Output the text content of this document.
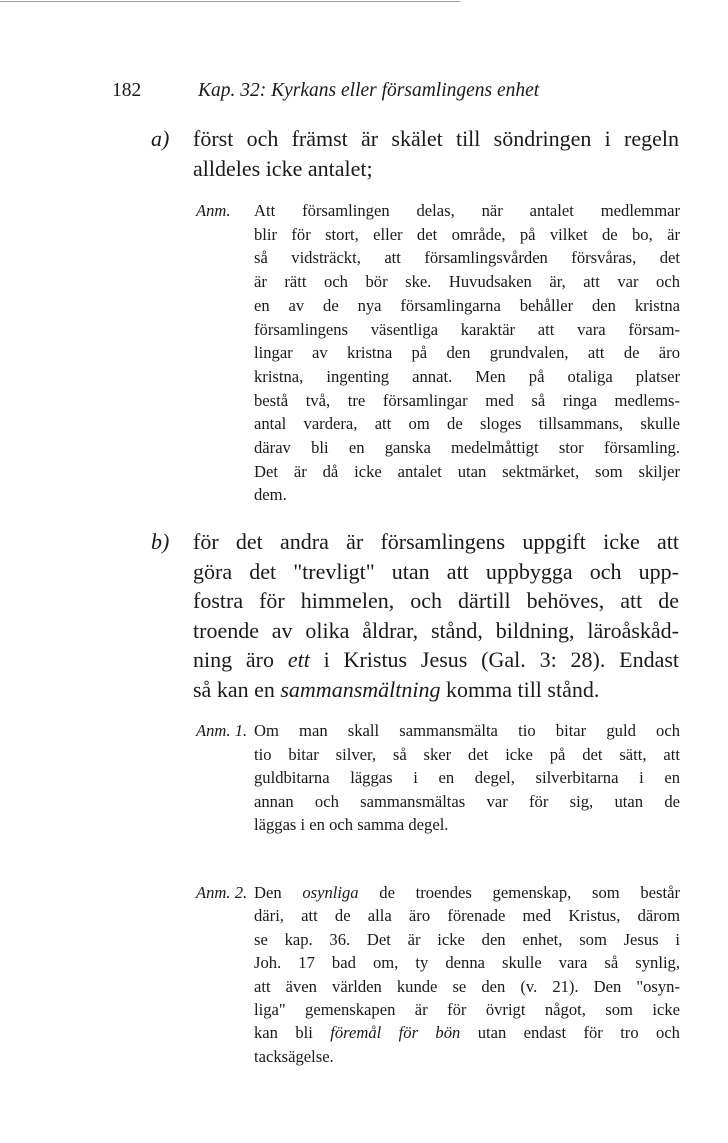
182	Kap. 32: Kyrkans eller församlingens enhet
a) först och främst är skälet till söndringen i regeln
alldeles icke antalet;
Anm. Att församlingen delas, när antalet medlemmar
blir för stort, eller det område, på vilket de bo, är
så vidsträckt, att församlingsvården försvåras, det
är rätt och bör ske. Huvudsaken är, att var och
en av de nya församlingarna behåller den kristna
församlingens väsentliga karaktär att vara försam-
lingar av kristna på den grundvalen, att de äro
kristna, ingenting annat. Men på otaliga platser
bestå två, tre församlingar med så ringa medlems-
antal vardera, att om de sloges tillsammans, skulle
därav bli en ganska medelmåttigt stor församling.
Det är då icke antalet utan sektmärket, som skiljer
dem.
b) för det andra är församlingens uppgift icke att
göra det "trevligt" utan att uppbygga och upp-
fostra för himmelen, och därtill behöves, att de
troende av olika åldrar, stånd, bildning, läroåskåd-
ning äro ett i Kristus Jesus (Gal. 3: 28). Endast
så kan en sammansmältning komma till stånd.
Anm. 1. Om man skall sammansmälta tio bitar guld och
tio bitar silver, så sker det icke på det sätt, att
guldbitarna läggas i en degel, silverbitarna i en
annan och sammansmältas var för sig, utan de
läggas i en och samma degel.
Anm. 2. Den osynliga de troendes gemenskap, som består
däri, att de alla äro förenade med Kristus, därom
se kap. 36. Det är icke den enhet, som Jesus i
Joh. 17 bad om, ty denna skulle vara så synlig,
att även världen kunde se den (v. 21). Den "osyn-
liga" gemenskapen är för övrigt något, som icke
kan bli föremål för bön utan endast för tro och
tacksägelse.
